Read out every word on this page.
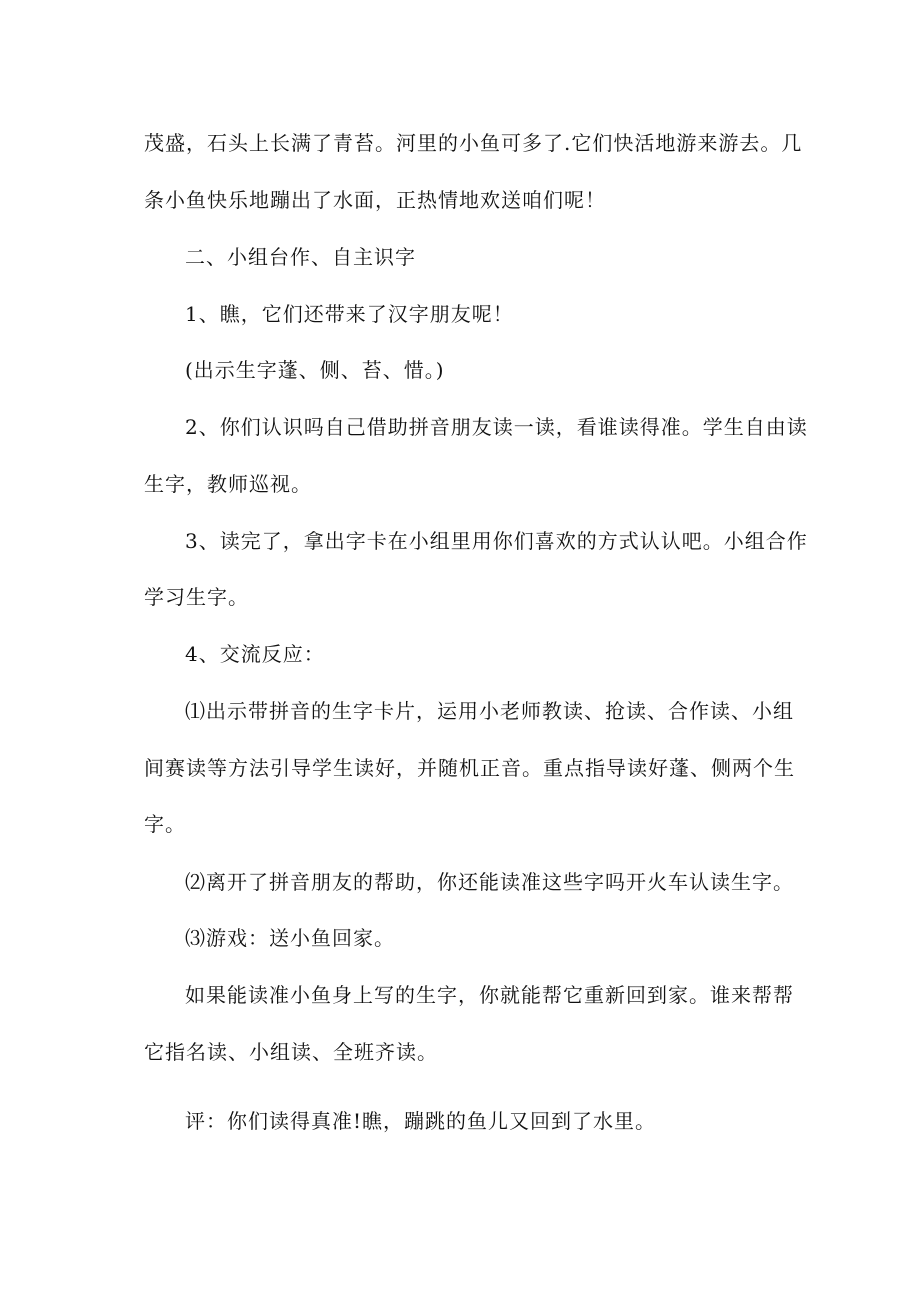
茂盛，石头上长满了青苔。河里的小鱼可多了.它们快活地游来游去。几
条小鱼快乐地蹦出了水面，正热情地欢送咱们呢！
二、小组台作、自主识字
1、瞧，它们还带来了汉字朋友呢！
(出示生字蓬、侧、苔、惜。)
2、你们认识吗自己借助拼音朋友读一读，看谁读得准。学生自由读
生字，教师巡视。
3、读完了，拿出字卡在小组里用你们喜欢的方式认认吧。小组合作
学习生字。
4、交流反应：
⑴出示带拼音的生字卡片，运用小老师教读、抢读、合作读、小组
间赛读等方法引导学生读好，并随机正音。重点指导读好蓬、侧两个生
字。
⑵离开了拼音朋友的帮助，你还能读准这些字吗开火车认读生字。
⑶游戏：送小鱼回家。
如果能读准小鱼身上写的生字，你就能帮它重新回到家。谁来帮帮
它指名读、小组读、全班齐读。
评：你们读得真准!瞧，蹦跳的鱼儿又回到了水里。
